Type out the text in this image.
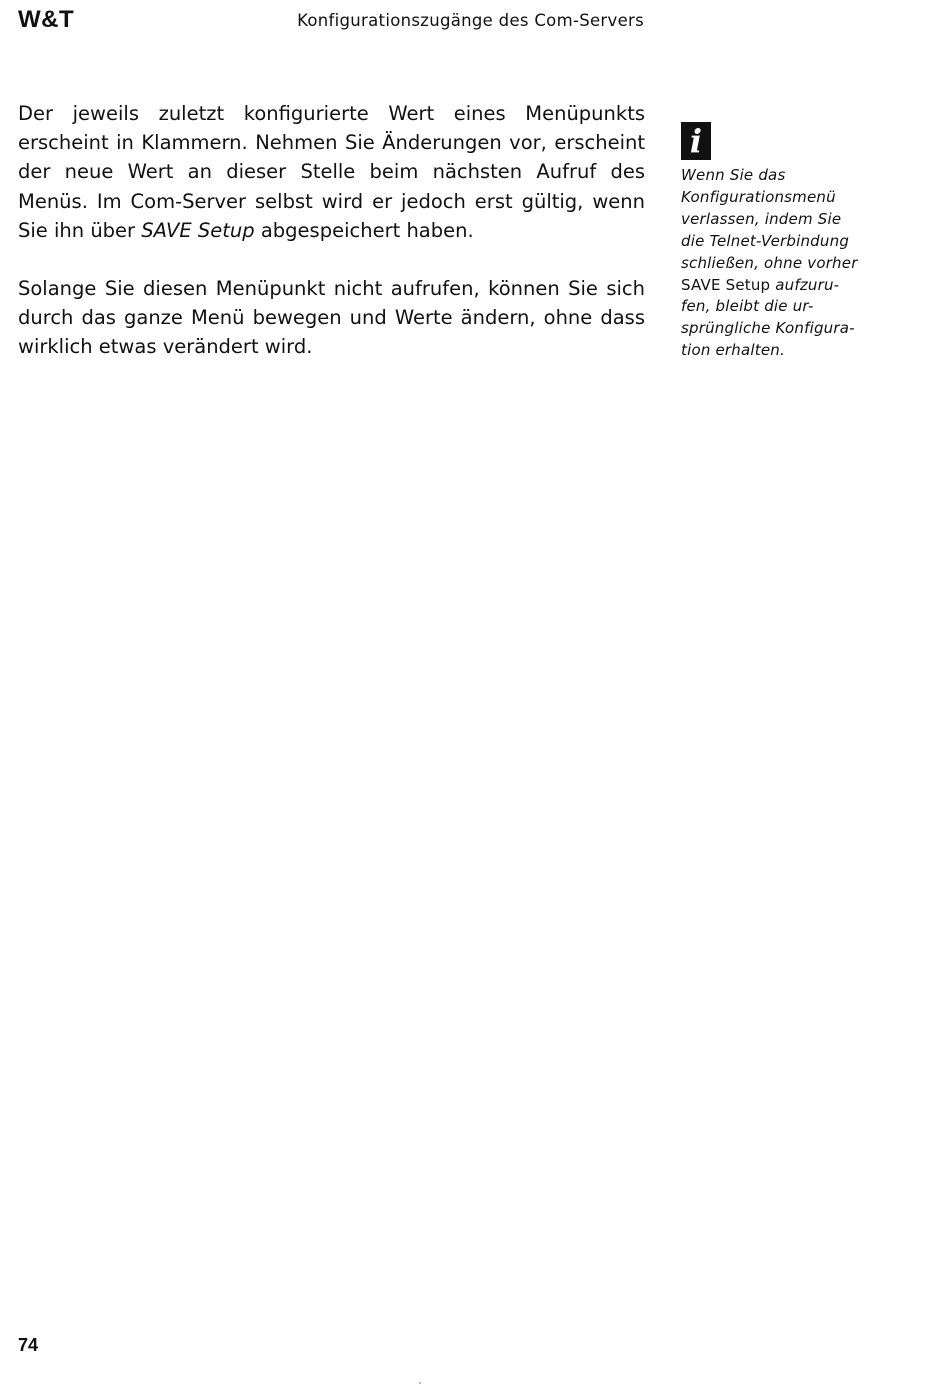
W&T	Konfigurationszugänge des Com-Servers

Der jeweils zuletzt konfigurierte Wert eines Menüpunkts erscheint in Klammern. Nehmen Sie Änderungen vor, erscheint der neue Wert an dieser Stelle beim nächsten Aufruf des Menüs. Im Com-Server selbst wird er jedoch erst gültig, wenn Sie ihn über SAVE Setup abgespeichert haben.

Solange Sie diesen Menüpunkt nicht aufrufen, können Sie sich durch das ganze Menü bewegen und Werte ändern, ohne dass wirklich etwas verändert wird.

i
Wenn Sie das
Konfigurationsmenü
verlassen, indem Sie
die Telnet-Verbindung
schließen, ohne vorher
SAVE Setup aufzuru-
fen, bleibt die ur-
sprüngliche Konfigura-
tion erhalten.
74
